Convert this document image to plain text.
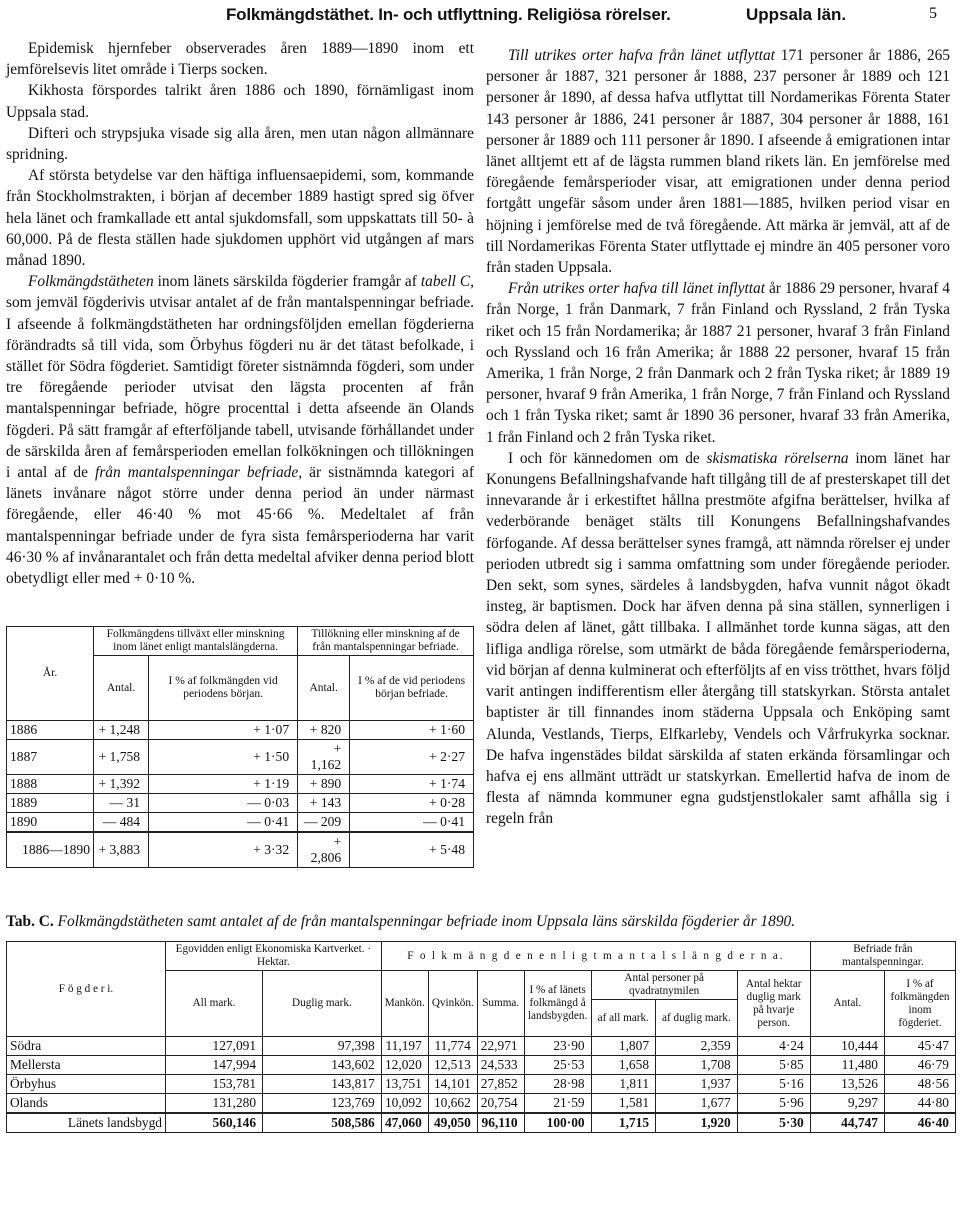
Folkmängdstäthet. In- och utflyttning. Religiösa rörelser.	Uppsala län.	5

Epidemisk hjernfeber observerades åren 1889—1890 inom ett jemförelsevis litet område i Tierps socken.

Kikhosta förspordes talrikt åren 1886 och 1890, förnämligast inom Uppsala stad.

Difteri och strypsjuka visade sig alla åren, men utan någon allmännare spridning.

Af största betydelse var den häftiga influensaepidemi, som, kommande från Stockholmstrakten, i början af december 1889 hastigt spred sig öfver hela länet och framkallade ett antal sjukdomsfall, som uppskattats till 50- à 60,000. På de flesta ställen hade sjukdomen upphört vid utgången af mars månad 1890.

Folkmängdstätheten inom länets särskilda fögderier framgår af tabell C, som jemväl fögderivis utvisar antalet af de från mantalspenningar befriade. I afseende å folkmängdstätheten har ordningsföljden emellan fögderierna förändradts så till vida, som Örbyhus fögderi nu är det tätast befolkade, i stället för Södra fögderiet. Samtidigt företer sistnämnda fögderi, som under tre föregående perioder utvisat den lägsta procenten af från mantalspenningar befriade, högre procenttal i detta afseende än Olands fögderi. På sätt framgår af efterföljande tabell, utvisande förhållandet under de särskilda åren af femårsperioden emellan folkökningen och tillökningen i antal af de från mantalspenningar befriade, är sistnämnda kategori af länets invånare något större under denna period än under närmast föregående, eller 46·40 % mot 45·66 %. Medeltalet af från mantalspenningar befriade under de fyra sista femårsperioderna har varit 46·30 % af invånarantalet och från detta medeltal afviker denna period blott obetydligt eller med + 0·10 %.

År.	Folkmängdens tillväxt eller minskning inom länet enligt mantalslängderna.		Tillökning eller minskning af de från mantalspenningar befriade.	
	Antal.	I % af folkmängden vid periodens början.	Antal.	I % af de vid periodens början befriade.
1886	+ 1,248	+ 1·07	+ 820	+ 1·60
1887	+ 1,758	+ 1·50	+ 1,162	+ 2·27
1888	+ 1,392	+ 1·19	+ 890	+ 1·74
1889	— 31	— 0·03	+ 143	+ 0·28
1890	— 484	— 0·41	— 209	— 0·41
1886—1890	+ 3,883	+ 3·32	+ 2,806	+ 5·48

Till utrikes orter hafva från länet utflyttat 171 personer år 1886, 265 personer år 1887, 321 personer år 1888, 237 personer år 1889 och 121 personer år 1890, af dessa hafva utflyttat till Nordamerikas Förenta Stater 143 personer år 1886, 241 personer år 1887, 304 personer år 1888, 161 personer år 1889 och 111 personer år 1890. I afseende å emigrationen intar länet alltjemt ett af de lägsta rummen bland rikets län. En jemförelse med föregående femårsperioder visar, att emigrationen under denna period fortgått ungefär såsom under åren 1881—1885, hvilken period visar en höjning i jemförelse med de två föregående. Att märka är jemväl, att af de till Nordamerikas Förenta Stater utflyttade ej mindre än 405 personer voro från staden Uppsala.

Från utrikes orter hafva till länet inflyttat år 1886 29 personer, hvaraf 4 från Norge, 1 från Danmark, 7 från Finland och Ryssland, 2 från Tyska riket och 15 från Nordamerika; år 1887 21 personer, hvaraf 3 från Finland och Ryssland och 16 från Amerika; år 1888 22 personer, hvaraf 15 från Amerika, 1 från Norge, 2 från Danmark och 2 från Tyska riket; år 1889 19 personer, hvaraf 9 från Amerika, 1 från Norge, 7 från Finland och Ryssland och 1 från Tyska riket; samt år 1890 36 personer, hvaraf 33 från Amerika, 1 från Finland och 2 från Tyska riket.

I och för kännedomen om de skismatiska rörelserna inom länet har Konungens Befallningshafvande haft tillgång till de af presterskapet till det innevarande år i erkestiftet hållna prestmöte afgifna berättelser, hvilka af vederbörande benäget stälts till Konungens Befallningshafvandes förfogande. Af dessa berättelser synes framgå, att nämnda rörelser ej under perioden utbredt sig i samma omfattning som under föregående perioder. Den sekt, som synes, särdeles å landsbygden, hafva vunnit något ökadt insteg, är baptismen. Dock har äfven denna på sina ställen, synnerligen i södra delen af länet, gått tillbaka. I allmänhet torde kunna sägas, att den lifliga andliga rörelse, som utmärkt de båda föregående femårsperioderna, vid början af denna kulminerat och efterföljts af en viss trötthet, hvars följd varit antingen indifferentism eller återgång till statskyrkan. Största antalet baptister är till finnandes inom städerna Uppsala och Enköping samt Alunda, Vestlands, Tierps, Elfkarleby, Vendels och Vårfrukyrka socknar. De hafva ingenstädes bildat särskilda af staten erkända församlingar och hafva ej ens allmänt utträdt ur statskyrkan. Emellertid hafva de inom de flesta af nämnda kommuner egna gudstjenstlokaler samt afhålla sig i regeln från

Tab. C. Folkmängdstätheten samt antalet af de från mantalspenningar befriade inom Uppsala läns särskilda fögderier år 1890.
F ö g d e r i.	Egovidden enligt Ekonomiska Kartverket. · Hektar.		F o l k m ä n g d e n e n l i g t m a n t a l s l ä n g d e r n a.							Befriade från mantalspenningar.	
	All mark.	Duglig mark.	Mankön.	Qvinkön.	Summa.	I % af länets folkmängd å landsbygden.	Antal personer på qvadratnymilen		Antal hektar duglig mark på hvarje person.	Antal.	I % af folkmängden inom fögderiet.
							af all mark.	af duglig mark.			
Södra	127,091	97,398	11,197	11,774	22,971	23·90	1,807	2,359	4·24	10,444	45·47
Mellersta	147,994	143,602	12,020	12,513	24,533	25·53	1,658	1,708	5·85	11,480	46·79
Örbyhus	153,781	143,817	13,751	14,101	27,852	28·98	1,811	1,937	5·16	13,526	48·56
Olands	131,280	123,769	10,092	10,662	20,754	21·59	1,581	1,677	5·96	9,297	44·80
Länets landsbygd	560,146	508,586	47,060	49,050	96,110	100·00	1,715	1,920	5·30	44,747	46·40
